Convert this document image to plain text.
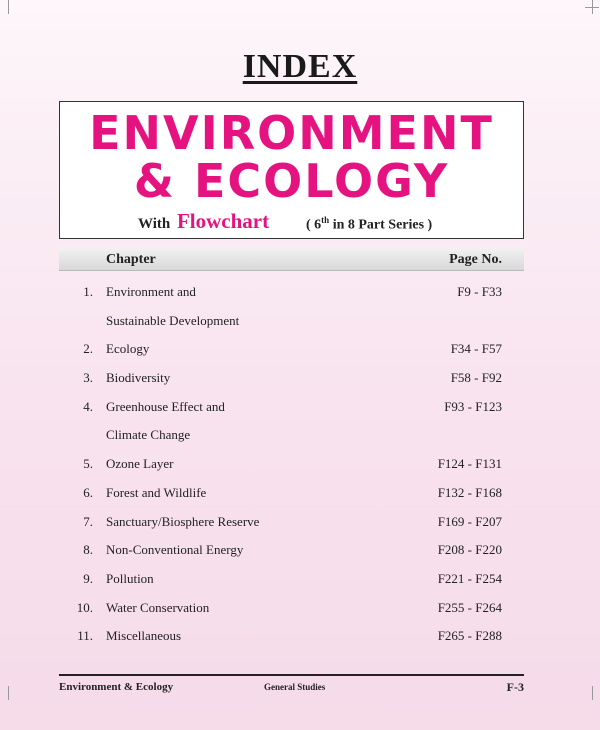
INDEX
ENVIRONMENT
& ECOLOGY
With Flowchart	( 6th in 8 Part Series )
Chapter	Page No.
1. Environment and	F9 - F33
Sustainable Development
2. Ecology	F34 - F57
3. Biodiversity	F58 - F92
4. Greenhouse Effect and	F93 - F123
Climate Change
5. Ozone Layer	F124 - F131
6. Forest and Wildlife	F132 - F168
7. Sanctuary/Biosphere Reserve	F169 - F207
8. Non-Conventional Energy	F208 - F220
9. Pollution	F221 - F254
10. Water Conservation	F255 - F264
11. Miscellaneous	F265 - F288
Environment & Ecology	General Studies	F-3
